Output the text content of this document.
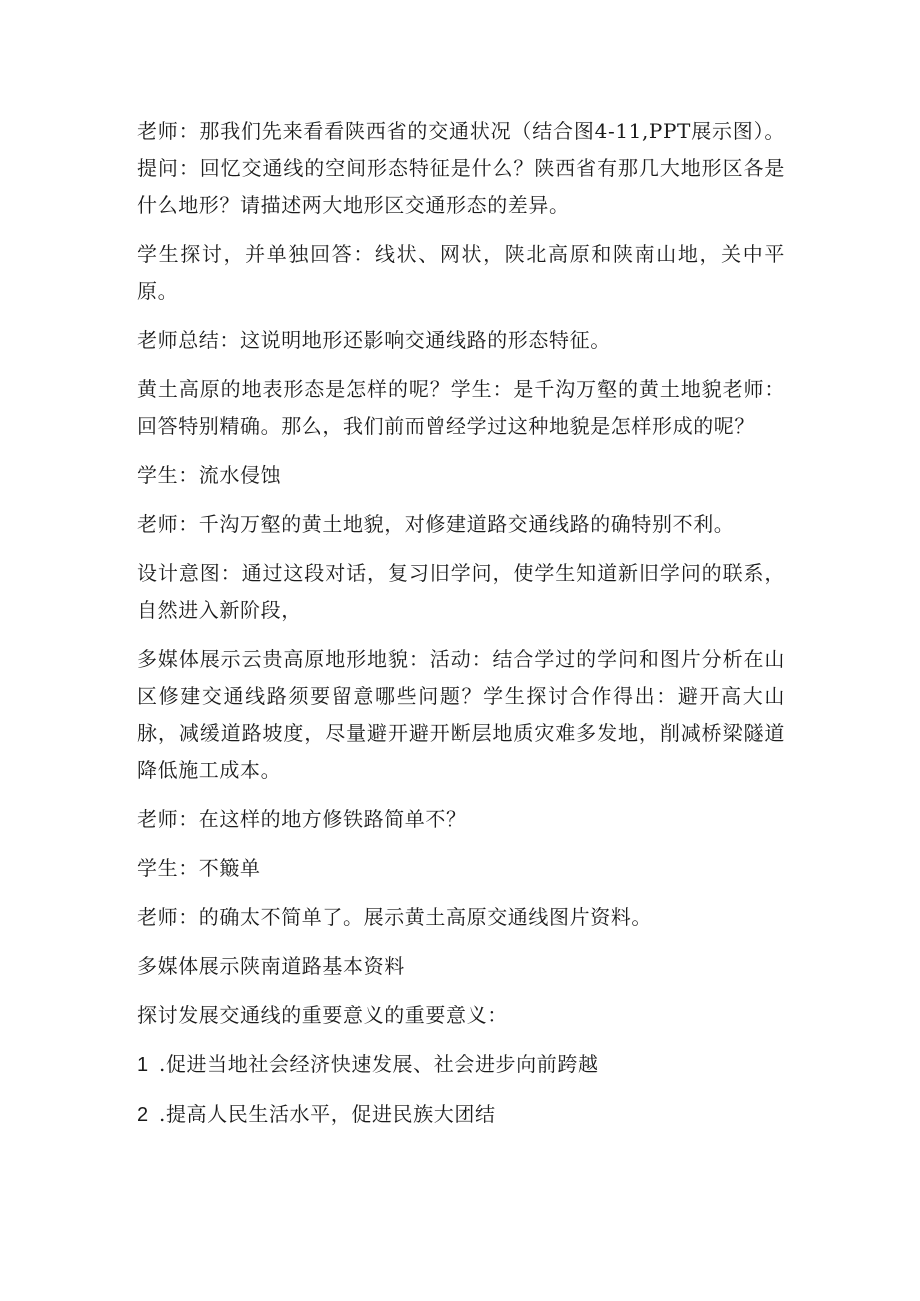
老师：那我们先来看看陕西省的交通状况（结合图4-11,PPT展示图）。提问：回忆交通线的空间形态特征是什么？陕西省有那几大地形区各是什么地形？请描述两大地形区交通形态的差异。

学生探讨，并单独回答：线状、网状，陕北高原和陕南山地，关中平原。

老师总结：这说明地形还影响交通线路的形态特征。

黄土高原的地表形态是怎样的呢？学生：是千沟万壑的黄土地貌老师：回答特别精确。那么，我们前而曾经学过这种地貌是怎样形成的呢？

学生：流水侵蚀

老师：千沟万壑的黄土地貌，对修建道路交通线路的确特别不利。

设计意图：通过这段对话，复习旧学问，使学生知道新旧学问的联系，自然进入新阶段，

多媒体展示云贵高原地形地貌：活动：结合学过的学问和图片分析在山区修建交通线路须要留意哪些问题？学生探讨合作得出：避开高大山脉，减缓道路坡度，尽量避开避开断层地质灾难多发地，削减桥梁隧道降低施工成本。

老师：在这样的地方修铁路简单不？

学生：不簸单

老师：的确太不简单了。展示黄土高原交通线图片资料。

多媒体展示陕南道路基本资料

探讨发展交通线的重要意义的重要意义：

1 .促进当地社会经济快速发展、社会进步向前跨越
2 .提高人民生活水平，促进民族大团结
